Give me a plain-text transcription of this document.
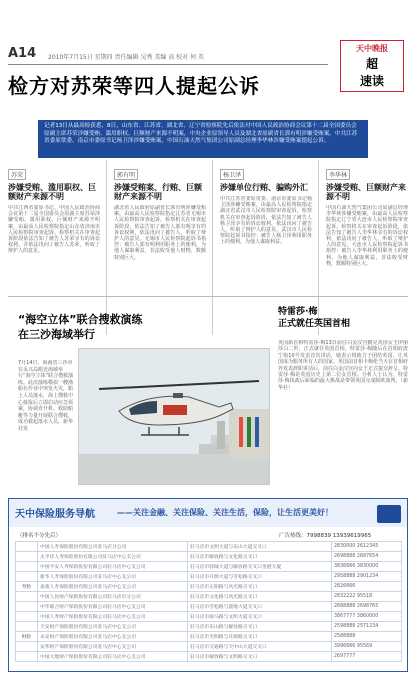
A14 2010年7月15日 星期四 责任编辑 吴秀 美编 高 校对 何 英
天中晚报
超
速读
检方对苏荣等四人提起公诉
记者13日从最高检获悉，8日，山东省、江苏省、湖北省、辽宁省检察院先后依法对中国人民政治协商会议第十二届全国委员会原副主席苏荣涉嫌受贿、滥用职权、巨额财产来源不明案，中央企业原领导人员及湖北省原副省长郭有明涉嫌受贿案，中共江苏省委原常委、南京市委原书记杨卫泽涉嫌受贿案，中国石油天然气集团公司原副总经理李华林涉嫌受贿案提起公诉。
苏荣
涉嫌受贿、滥用职权、巨额财产来源不明
中共江西省委原书记、中国人民政治协商会议第十二届全国委员会原副主席苏荣涉嫌受贿、滥用职权、巨额财产来源不明案，由最高人民检察院指定山东省济南市人民检察院审查起诉。检察机关在审查起诉阶段依法告知了被告人苏荣享有的诉讼权利，并依法讯问了被告人苏荣，听取了辩护人的意见。
郭有明
涉嫌受贿案、行贿、巨额财产来源不明
湖北省人民政府原副省长郭有明涉嫌受贿案，由最高人民检察院指定江苏省无锡市人民检察院审查起诉。检察机关在审查起诉阶段，依法告知了被告人郭有明享有的诉讼权利，依法讯问了被告人，听取了辩护人的意见。无锡市人民检察院起诉书指控：被告人郭有明利用职务上的便利，为他人谋取利益，非法收受他人财物，数额特别巨大。
杨卫泽
涉嫌单位行贿、骗购外汇
中共江苏省委原常委、南京市委原书记杨卫泽涉嫌受贿案，由最高人民检察院指定湖北省武汉市人民检察院审查起诉。检察机关在审查起诉阶段，依法告知了被告人杨卫泽享有的诉讼权利，依法讯问了被告人，听取了辩护人的意见。武汉市人民检察院起诉书指控：被告人杨卫泽利用职务上的便利，为他人谋取利益。
李华林
涉嫌受贿、巨额财产来源不明
中国石油天然气集团公司原副总经理李华林涉嫌受贿案，由最高人民检察院指定辽宁省大连市人民检察院审查起诉。检察机关在审查起诉阶段，依法告知了被告人李华林享有的诉讼权利，依法讯问了被告人，听取了辩护人的意见。大连市人民检察院起诉书指控：被告人李华林利用职务上的便利，为他人谋取利益，非法收受财物，数额特别巨大。
“海空立体”联合搜救演练
在三沙海域举行
7月14日，海南省三沙市在永兴岛附近海域举行“海空立体”联合搜救演练。此次演练模拟一艘渔船在作业中突发火灾，船上人员落水，海上搜救中心接报后立即启动应急预案，协调直升机、救助船艇等力量开展联合搜救，成功救起落水人员。新华社发
特雷莎·梅
正式就任英国首相
英国新首相特雷莎·梅13日前往白金汉宫觐见英国女王伊丽莎白二世，正式就任英国首相。特雷莎·梅随后在首相府唐宁街10号发表首次讲话，她表示将致力于团结英国，让英国成为服务所有人的国家。英国前首相卡梅伦当天在首相府外发表辞职讲话后，前往白金汉宫向女王正式提交辞呈。特雷莎·梅是英国历史上第二位女首相。分析人士认为，特雷莎·梅执政后面临的最大挑战是带领英国完成脱欧谈判。（新华社）
天中保险服务导航	——关注金融、关注保险、关注生活，保险，让生活更美好！
（排名不分先后）	广告热线：7998839 13939619965
	中国人寿保险股份有限公司驻马店分公司	驻马店市文明大道与乐山大道交叉口	2830000 2612345
	太平洋人寿保险股份有限公司驻马店中心支公司	驻马店市解放路与文化路交叉口	2698888 2687654
	中国平安人寿保险股份有限公司驻马店中心支公司	驻马店市驿城大道与解放路交叉口金港大厦	3836666 3830000
	新华人寿保险股份有限公司驻马店中心支公司	驻马店市开源大道与雪松路交叉口	2958888 2901234
寿险	泰康人寿保险股份有限公司驻马店中心支公司	驻马店市正阳路与风光路交叉口	2826666
	中国人民财产保险股份有限公司驻马店市分公司	驻马店市文化路与风光路交叉口	2832222 95518
	中华联合财产保险股份有限公司驻马店中心支公司	驻马店市雪松路与置地大道交叉口	2688888 2698765
	中国人寿财产保险股份有限公司驻马店中心支公司	驻马店市骏马路与文明大道交叉口	3867777 3860000
	天安财产保险股份有限公司驻马店中心支公司	驻马店市乐山路与解放路交叉口	2598888 2571234
财险	永安财产保险股份有限公司驻马店中心支公司	驻马店市光明路与开源路交叉口	2588888
	安邦财产保险股份有限公司驻马店中心支公司	驻马店市交通路与天中山大道交叉口	3996666 95569
	中国大地财产保险股份有限公司驻马店中心支公司	驻马店市解放路与文明路交叉口	2697777
